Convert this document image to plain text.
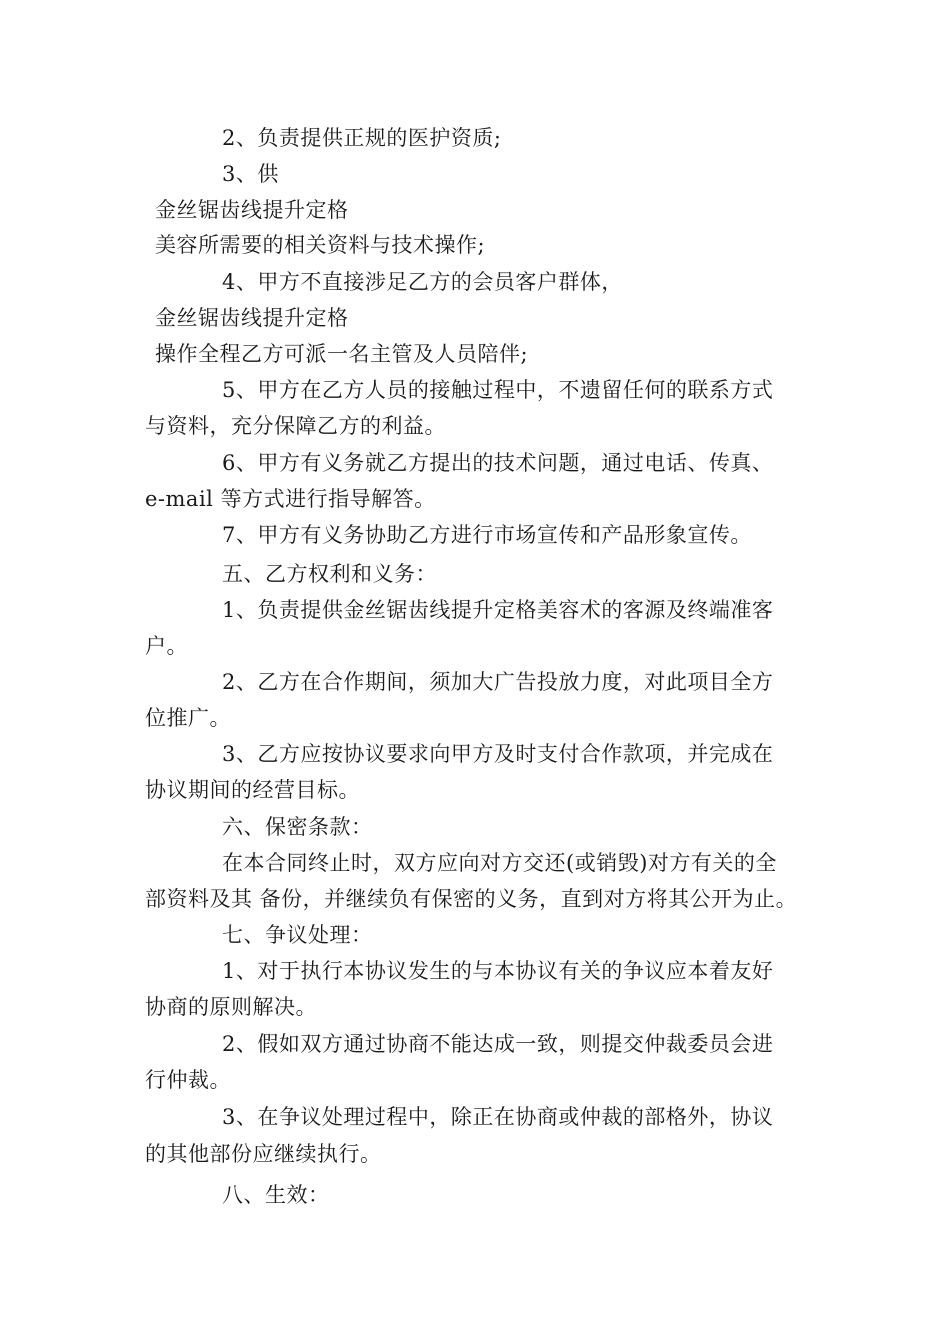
2、负责提供正规的医护资质;
3、供
金丝锯齿线提升定格
美容所需要的相关资料与技术操作;
4、甲方不直接涉足乙方的会员客户群体，
金丝锯齿线提升定格
操作全程乙方可派一名主管及人员陪伴;
5、甲方在乙方人员的接触过程中，不遗留任何的联系方式
与资料，充分保障乙方的利益。
6、甲方有义务就乙方提出的技术问题，通过电话、传真、
e-mail 等方式进行指导解答。
7、甲方有义务协助乙方进行市场宣传和产品形象宣传。
五、乙方权利和义务：
1、负责提供金丝锯齿线提升定格美容术的客源及终端准客
户。
2、乙方在合作期间，须加大广告投放力度，对此项目全方
位推广。
3、乙方应按协议要求向甲方及时支付合作款项，并完成在
协议期间的经营目标。
六、保密条款：
在本合同终止时，双方应向对方交还(或销毁)对方有关的全
部资料及其 备份，并继续负有保密的义务，直到对方将其公开为止。
七、争议处理：
1、对于执行本协议发生的与本协议有关的争议应本着友好
协商的原则解决。
2、假如双方通过协商不能达成一致，则提交仲裁委员会进
行仲裁。
3、在争议处理过程中，除正在协商或仲裁的部格外，协议
的其他部份应继续执行。
八、生效：
